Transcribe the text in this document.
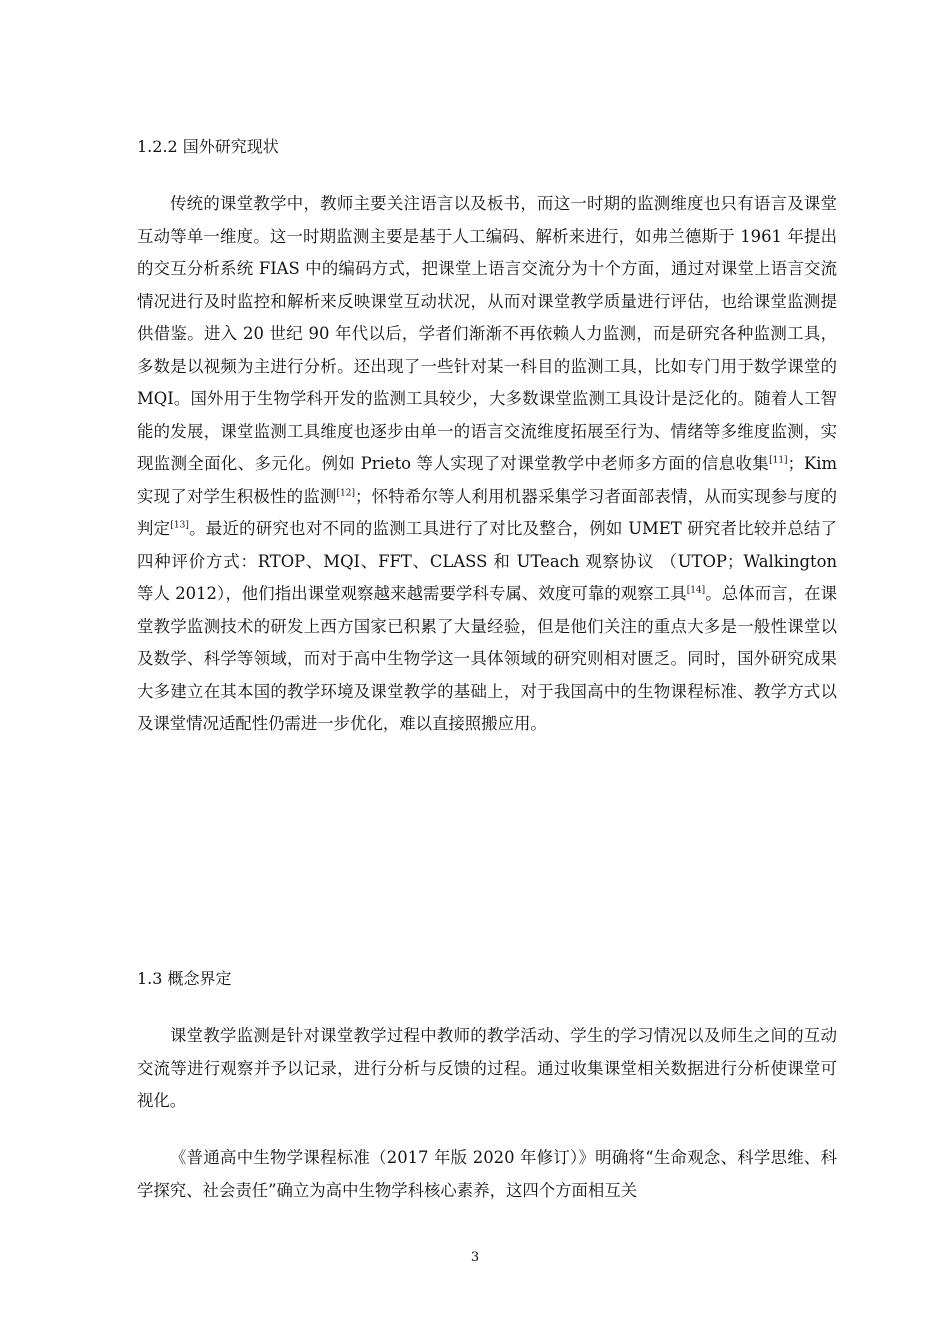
1.2.2 国外研究现状

传统的课堂教学中，教师主要关注语言以及板书，而这一时期的监测维度也只有语言及课堂互动等单一维度。这一时期监测主要是基于人工编码、解析来进行，如弗兰德斯于 1961 年提出的交互分析系统 FIAS 中的编码方式，把课堂上语言交流分为十个方面，通过对课堂上语言交流情况进行及时监控和解析来反映课堂互动状况，从而对课堂教学质量进行评估，也给课堂监测提供借鉴。进入 20 世纪 90 年代以后，学者们渐渐不再依赖人力监测，而是研究各种监测工具，多数是以视频为主进行分析。还出现了一些针对某一科目的监测工具，比如专门用于数学课堂的 MQI。国外用于生物学科开发的监测工具较少，大多数课堂监测工具设计是泛化的。随着人工智能的发展，课堂监测工具维度也逐步由单一的语言交流维度拓展至行为、情绪等多维度监测，实现监测全面化、多元化。例如 Prieto 等人实现了对课堂教学中老师多方面的信息收集[11]；Kim 实现了对学生积极性的监测[12]；怀特希尔等人利用机器采集学习者面部表情，从而实现参与度的判定[13]。最近的研究也对不同的监测工具进行了对比及整合，例如 UMET 研究者比较并总结了四种评价方式：RTOP、MQI、FFT、CLASS 和 UTeach 观察协议 （UTOP；Walkington 等人 2012），他们指出课堂观察越来越需要学科专属、效度可靠的观察工具[14]。总体而言，在课堂教学监测技术的研发上西方国家已积累了大量经验，但是他们关注的重点大多是一般性课堂以及数学、科学等领域，而对于高中生物学这一具体领域的研究则相对匮乏。同时，国外研究成果大多建立在其本国的教学环境及课堂教学的基础上，对于我国高中的生物课程标准、教学方式以及课堂情况适配性仍需进一步优化，难以直接照搬应用。

1.3 概念界定

课堂教学监测是针对课堂教学过程中教师的教学活动、学生的学习情况以及师生之间的互动交流等进行观察并予以记录，进行分析与反馈的过程。通过收集课堂相关数据进行分析使课堂可视化。

《普通高中生物学课程标准（2017 年版 2020 年修订）》明确将“生命观念、科学思维、科学探究、社会责任”确立为高中生物学科核心素养，这四个方面相互关

3
